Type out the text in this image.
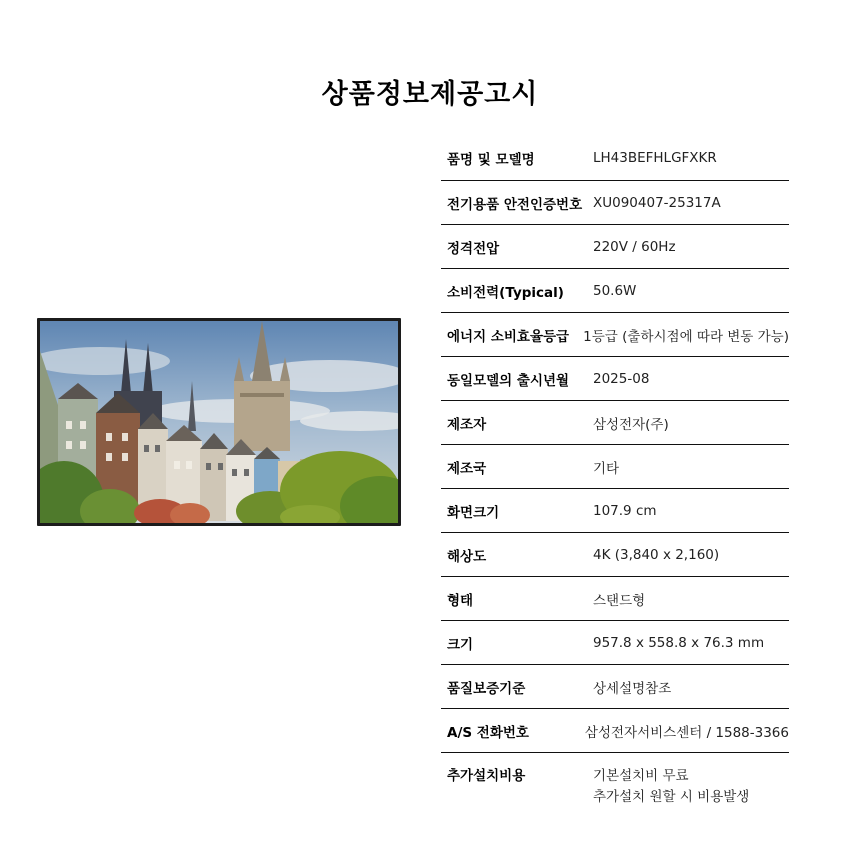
상품정보제공고시
품명 및 모델명	LH43BEFHLGFXKR
전기용품 안전인증번호 XU090407-25317A
정격전압	220V / 60Hz
소비전력(Typical)	50.6W
에너지 소비효율등급	1등급 (출하시점에 따라 변동 가능)
동일모델의 출시년월	2025-08
제조자	삼성전자(주)
제조국	기타
화면크기	107.9 cm
해상도	4K (3,840 x 2,160)
형태	스탠드형
크기	957.8 x 558.8 x 76.3 mm
품질보증기준	상세설명참조
A/S 전화번호	삼성전자서비스센터 / 1588-3366
추가설치비용	기본설치비 무료
추가설치 원할 시 비용발생
